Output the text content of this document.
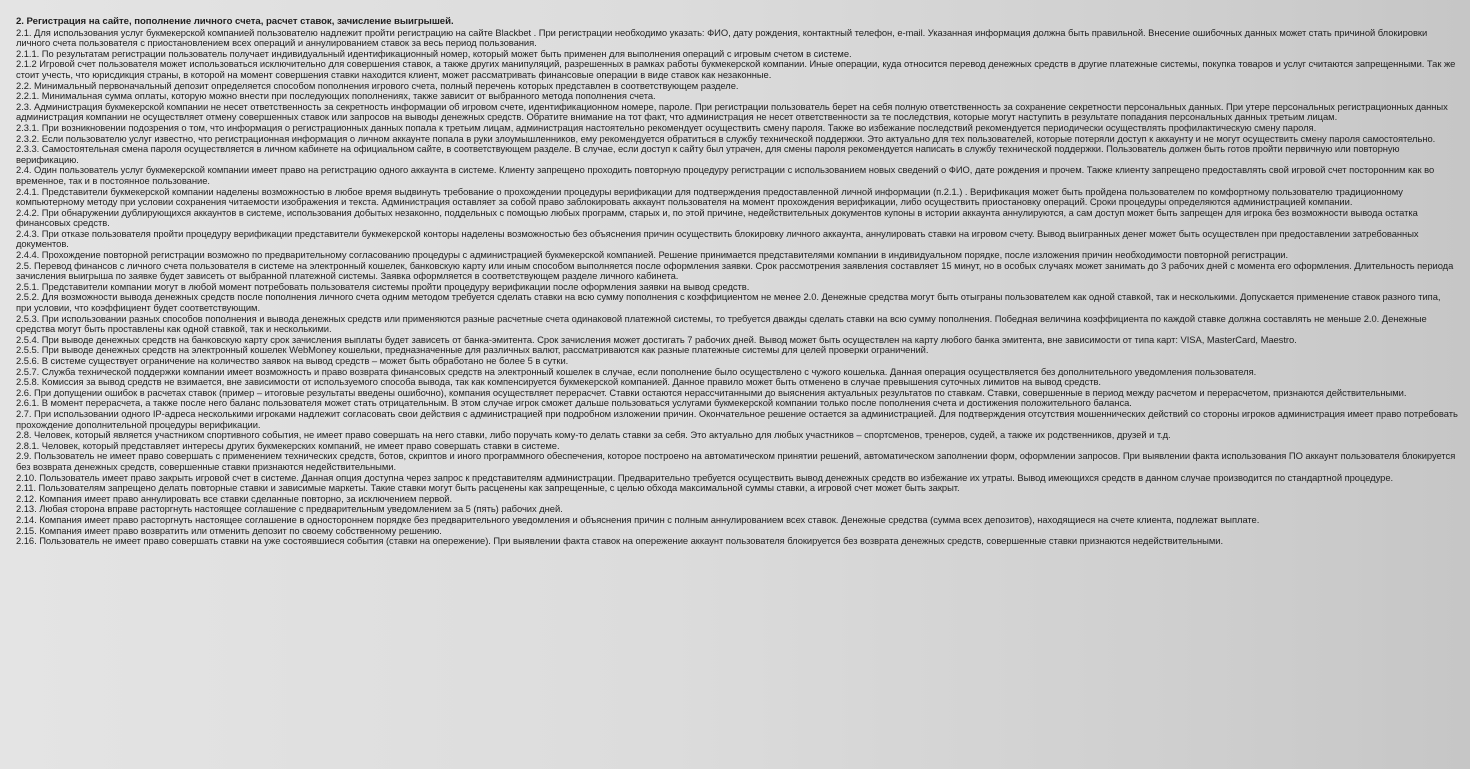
2. Регистрация на сайте, пополнение личного счета, расчет ставок, зачисление выигрышей.

2.1. Для использования услуг букмекерской компанией пользователю надлежит пройти регистрацию на сайте Blackbet . При регистрации необходимо указать: ФИО, дату рождения, контактный телефон, e-mail. Указанная информация должна быть правильной. Внесение ошибочных данных может стать причиной блокировки личного счета пользователя с приостановлением всех операций и аннулированием ставок за весь период пользования.

2.1.1. По результатам регистрации пользователь получает индивидуальный идентификационный номер, который может быть применен для выполнения операций с игровым счетом в системе.

2.1.2 Игровой счет пользователя может использоваться исключительно для совершения ставок, а также других манипуляций, разрешенных в рамках работы букмекерской компании. Иные операции, куда относится перевод денежных средств в другие платежные системы, покупка товаров и услуг считаются запрещенными. Так же стоит учесть, что юрисдикция страны, в которой на момент совершения ставки находится клиент, может рассматривать финансовые операции в виде ставок как незаконные.

2.2. Минимальный первоначальный депозит определяется способом пополнения игрового счета, полный перечень которых представлен в соответствующем разделе.

2.2.1. Минимальная сумма оплаты, которую можно внести при последующих пополнениях, также зависит от выбранного метода пополнения счета.

2.3. Администрация букмекерской компании не несет ответственность за секретность информации об игровом счете, идентификационном номере, пароле. При регистрации пользователь берет на себя полную ответственность за сохранение секретности персональных данных. При утере персональных регистрационных данных администрация компании не осуществляет отмену совершенных ставок или запросов на выводы денежных средств. Обратите внимание на тот факт, что администрация не несет ответственности за те последствия, которые могут наступить в результате попадания персональных данных третьим лицам.

2.3.1. При возникновении подозрения о том, что информация о регистрационных данных попала к третьим лицам, администрация настоятельно рекомендует осуществить смену пароля. Также во избежание последствий рекомендуется периодически осуществлять профилактическую смену пароля.

2.3.2. Если пользователю услуг известно, что регистрационная информация о личном аккаунте попала в руки злоумышленников, ему рекомендуется обратиться в службу технической поддержки. Это актуально для тех пользователей, которые потеряли доступ к аккаунту и не могут осуществить смену пароля самостоятельно.

2.3.3. Самостоятельная смена пароля осуществляется в личном кабинете на официальном сайте, в соответствующем разделе. В случае, если доступ к сайту был утрачен, для смены пароля рекомендуется написать в службу технической поддержки. Пользователь должен быть готов пройти первичную или повторную верификацию.

2.4. Один пользователь услуг букмекерской компании имеет право на регистрацию одного аккаунта в системе. Клиенту запрещено проходить повторную процедуру регистрации с использованием новых сведений о ФИО, дате рождения и прочем. Также клиенту запрещено предоставлять свой игровой счет посторонним как во временное, так и в постоянное пользование.

2.4.1. Представители букмекерской компании наделены возможностью в любое время выдвинуть требование о прохождении процедуры верификации для подтверждения предоставленной личной информации (п.2.1.) . Верификация может быть пройдена пользователем по комфортному пользователю традиционному компьютерному методу при условии сохранения читаемости изображения и текста. Администрация оставляет за собой право заблокировать аккаунт пользователя на момент прохождения верификации, либо осуществить приостановку операций. Сроки процедуры определяются администрацией компании.

2.4.2. При обнаружении дублирующихся аккаунтов в системе, использования добытых незаконно, поддельных с помощью любых программ, старых и, по этой причине, недействительных документов купоны в истории аккаунта аннулируются, а сам доступ может быть запрещен для игрока без возможности вывода остатка финансовых средств.

2.4.3. При отказе пользователя пройти процедуру верификации представители букмекерской конторы наделены возможностью без объяснения причин осуществить блокировку личного аккаунта, аннулировать ставки на игровом счету. Вывод выигранных денег может быть осуществлен при предоставлении затребованных документов.

2.4.4. Прохождение повторной регистрации возможно по предварительному согласованию процедуры с администрацией букмекерской компанией. Решение принимается представителями компании в индивидуальном порядке, после изложения причин необходимости повторной регистрации.

2.5. Перевод финансов с личного счета пользователя в системе на электронный кошелек, банковскую карту или иным способом выполняется после оформления заявки. Срок рассмотрения заявления составляет 15 минут, но в особых случаях может занимать до 3 рабочих дней с момента его оформления. Длительность периода зачисления выигрыша по заявке будет зависеть от выбранной платежной системы. Заявка оформляется в соответствующем разделе личного кабинета.

2.5.1. Представители компании могут в любой момент потребовать пользователя системы пройти процедуру верификации после оформления заявки на вывод средств.

2.5.2. Для возможности вывода денежных средств после пополнения личного счета одним методом требуется сделать ставки на всю сумму пополнения с коэффициентом не менее 2.0. Денежные средства могут быть отыграны пользователем как одной ставкой, так и несколькими. Допускается применение ставок разного типа, при условии, что коэффициент будет соответствующим.

2.5.3. При использовании разных способов пополнения и вывода денежных средств или применяются разные расчетные счета одинаковой платежной системы, то требуется дважды сделать ставки на всю сумму пополнения. Победная величина коэффициента по каждой ставке должна составлять не меньше 2.0. Денежные средства могут быть проставлены как одной ставкой, так и несколькими.

2.5.4. При выводе денежных средств на банковскую карту срок зачисления выплаты будет зависеть от банка-эмитента. Срок зачисления может достигать 7 рабочих дней. Вывод может быть осуществлен на карту любого банка эмитента, вне зависимости от типа карт: VISA, MasterCard, Maestro.

2.5.5. При выводе денежных средств на электронный кошелек WebMoney кошельки, предназначенные для различных валют, рассматриваются как разные платежные системы для целей проверки ограничений.

2.5.6. В системе существует ограничение на количество заявок на вывод средств – может быть обработано не более 5 в сутки.

2.5.7. Служба технической поддержки компании имеет возможность и право возврата финансовых средств на электронный кошелек в случае, если пополнение было осуществлено с чужого кошелька. Данная операция осуществляется без дополнительного уведомления пользователя.

2.5.8. Комиссия за вывод средств не взимается, вне зависимости от используемого способа вывода, так как компенсируется букмекерской компанией. Данное правило может быть отменено в случае превышения суточных лимитов на вывод средств.

2.6. При допущении ошибок в расчетах ставок (пример – итоговые результаты введены ошибочно), компания осуществляет перерасчет. Ставки остаются нерассчитанными до выяснения актуальных результатов по ставкам. Ставки, совершенные в период между расчетом и перерасчетом, признаются действительными.

2.6.1. В момент перерасчета, а также после него баланс пользователя может стать отрицательным. В этом случае игрок сможет дальше пользоваться услугами букмекерской компании только после пополнения счета и достижения положительного баланса.

2.7. При использовании одного IP-адреса несколькими игроками надлежит согласовать свои действия с администрацией при подробном изложении причин. Окончательное решение остается за администрацией. Для подтверждения отсутствия мошеннических действий со стороны игроков администрация имеет право потребовать прохождение дополнительной процедуры верификации.

2.8. Человек, который является участником спортивного события, не имеет право совершать на него ставки, либо поручать кому-то делать ставки за себя. Это актуально для любых участников – спортсменов, тренеров, судей, а также их родственников, друзей и т.д.

2.8.1. Человек, который представляет интересы других букмекерских компаний, не имеет право совершать ставки в системе.

2.9. Пользователь не имеет право совершать с применением технических средств, ботов, скриптов и иного программного обеспечения, которое построено на автоматическом принятии решений, автоматическом заполнении форм, оформлении запросов. При выявлении факта использования ПО аккаунт пользователя блокируется без возврата денежных средств, совершенные ставки признаются недействительными.

2.10. Пользователь имеет право закрыть игровой счет в системе. Данная опция доступна через запрос к представителям администрации. Предварительно требуется осуществить вывод денежных средств во избежание их утраты. Вывод имеющихся средств в данном случае производится по стандартной процедуре.

2.11. Пользователям запрещено делать повторные ставки и зависимые маркеты. Такие ставки могут быть расценены как запрещенные, с целью обхода максимальной суммы ставки, а игровой счет может быть закрыт.

2.12. Компания имеет право аннулировать все ставки сделанные повторно, за исключением первой.

2.13. Любая сторона вправе расторгнуть настоящее соглашение с предварительным уведомлением за 5 (пять) рабочих дней.

2.14. Компания имеет право расторгнуть настоящее соглашение в одностороннем порядке без предварительного уведомления и объяснения причин с полным аннулированием всех ставок. Денежные средства (сумма всех депозитов), находящиеся на счете клиента, подлежат выплате.

2.15. Компания имеет право возвратить или отменить депозит по своему собственному решению.

2.16. Пользователь не имеет право совершать ставки на уже состоявшиеся события (ставки на опережение). При выявлении факта ставок на опережение аккаунт пользователя блокируется без возврата денежных средств, совершенные ставки признаются недействительными.
